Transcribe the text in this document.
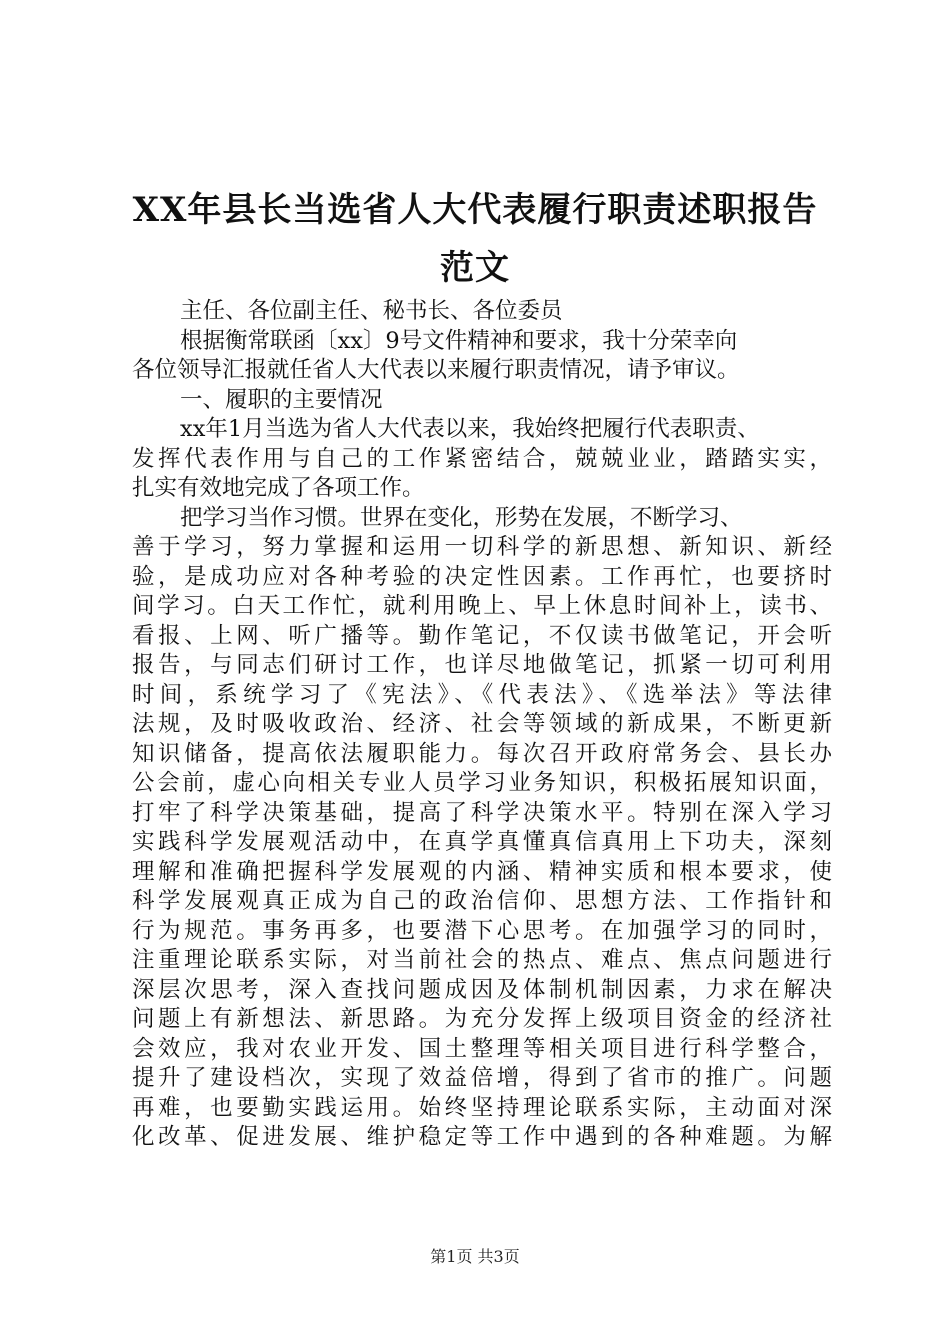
XX年县长当选省人大代表履行职责述职报告
范文
主任、各位副主任、秘书长、各位委员
根据衡常联函〔xx〕9号文件精神和要求，我十分荣幸向
各位领导汇报就任省人大代表以来履行职责情况，请予审议。
一、履职的主要情况
xx年1月当选为省人大代表以来，我始终把履行代表职责、
发挥代表作用与自己的工作紧密结合，兢兢业业，踏踏实实，
扎实有效地完成了各项工作。
把学习当作习惯。世界在变化，形势在发展，不断学习、
善于学习，努力掌握和运用一切科学的新思想、新知识、新经
验，是成功应对各种考验的决定性因素。工作再忙，也要挤时
间学习。白天工作忙，就利用晚上、早上休息时间补上，读书、
看报、上网、听广播等。勤作笔记，不仅读书做笔记，开会听
报告，与同志们研讨工作，也详尽地做笔记，抓紧一切可利用
时间，系统学习了《宪法》、《代表法》、《选举法》等法律
法规，及时吸收政治、经济、社会等领域的新成果，不断更新
知识储备，提高依法履职能力。每次召开政府常务会、县长办
公会前，虚心向相关专业人员学习业务知识，积极拓展知识面，
打牢了科学决策基础，提高了科学决策水平。特别在深入学习
实践科学发展观活动中，在真学真懂真信真用上下功夫，深刻
理解和准确把握科学发展观的内涵、精神实质和根本要求，使
科学发展观真正成为自己的政治信仰、思想方法、工作指针和
行为规范。事务再多，也要潜下心思考。在加强学习的同时，
注重理论联系实际，对当前社会的热点、难点、焦点问题进行
深层次思考，深入查找问题成因及体制机制因素，力求在解决
问题上有新想法、新思路。为充分发挥上级项目资金的经济社
会效应，我对农业开发、国土整理等相关项目进行科学整合，
提升了建设档次，实现了效益倍增，得到了省市的推广。问题
再难，也要勤实践运用。始终坚持理论联系实际，主动面对深
化改革、促进发展、维护稳定等工作中遇到的各种难题。为解
第1页 共3页
